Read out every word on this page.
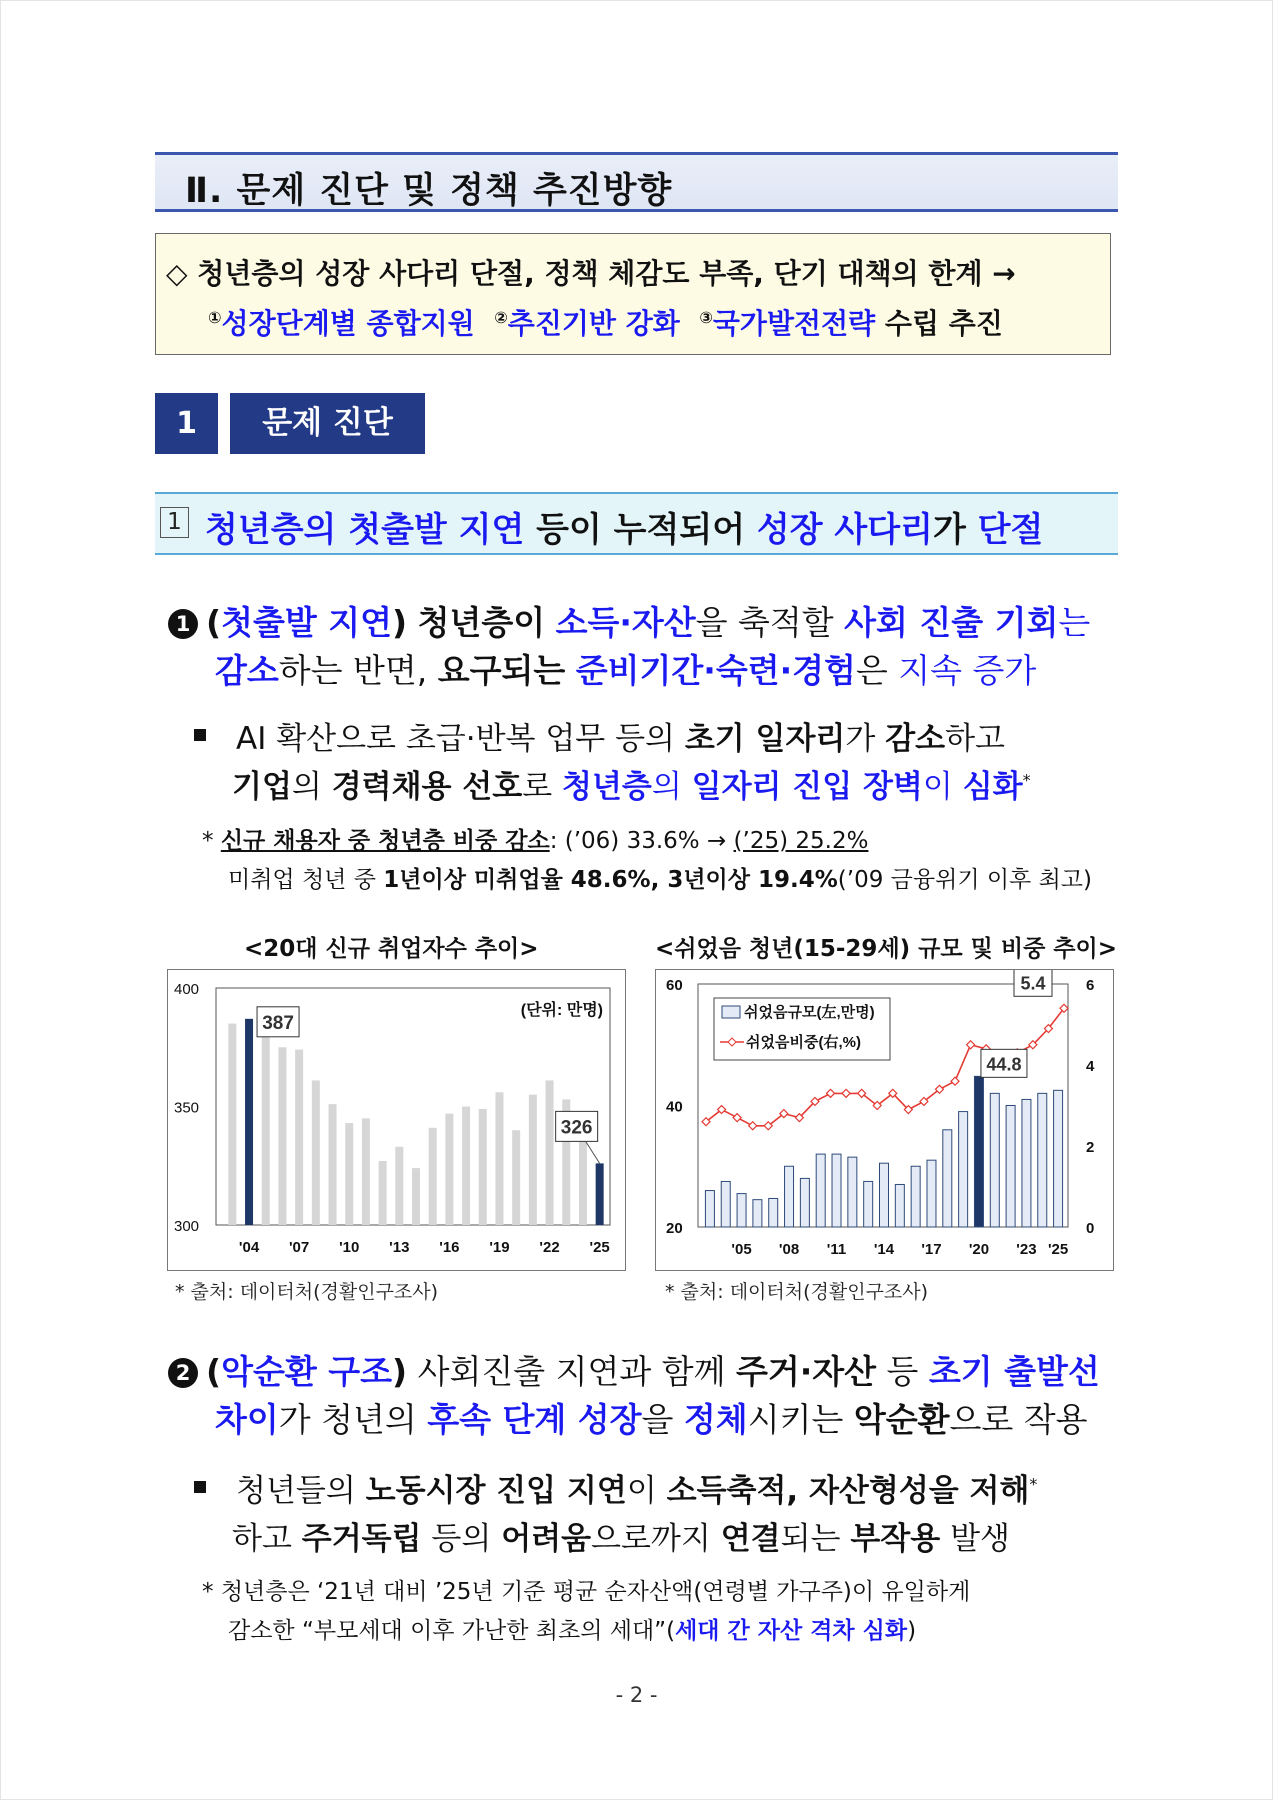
Ⅱ. 문제 진단 및 정책 추진방향
◇ 청년층의 성장 사다리 단절, 정책 체감도 부족, 단기 대책의 한계 →
①성장단계별 종합지원 ②추진기반 강화 ③국가발전전략 수립 추진
1	문제 진단
1 청년층의 첫출발 지연 등이 누적되어 성장 사다리가 단절
1 (첫출발 지연) 청년층이 소득·자산을 축적할 사회 진출 기회는
감소하는 반면, 요구되는 준비기간·숙련·경험은 지속 증가
AI 확산으로 초급·반복 업무 등의 초기 일자리가 감소하고
기업의 경력채용 선호로 청년층의 일자리 진입 장벽이 심화*
* 신규 채용자 중 청년층 비중 감소: (’06) 33.6% → (’25) 25.2%
미취업 청년 중 1년이상 미취업율 48.6%, 3년이상 19.4%(’09 금융위기 이후 최고)
<20대 신규 취업자수 추이>
400
350
300
'04 '07 '10 '13 '16 '19 '22 '25
(단위: 만명)
387
326
* 출처: 데이터처(경활인구조사)
<쉬었음 청년(15-29세) 규모 및 비중 추이>
60
40
20
6
4
2
0
'05 '08 '11 '14 '17 '20 '23 '25
쉬었음규모(左,만명)
쉬었음비중(右,%)
44.8
5.4
* 출처: 데이터처(경활인구조사)
2 (악순환 구조) 사회진출 지연과 함께 주거·자산 등 초기 출발선
차이가 청년의 후속 단계 성장을 정체시키는 악순환으로 작용
청년들의 노동시장 진입 지연이 소득축적, 자산형성을 저해*
하고 주거독립 등의 어려움으로까지 연결되는 부작용 발생
* 청년층은 ‘21년 대비 ’25년 기준 평균 순자산액(연령별 가구주)이 유일하게
감소한 “부모세대 이후 가난한 최초의 세대”(세대 간 자산 격차 심화)
- 2 -
